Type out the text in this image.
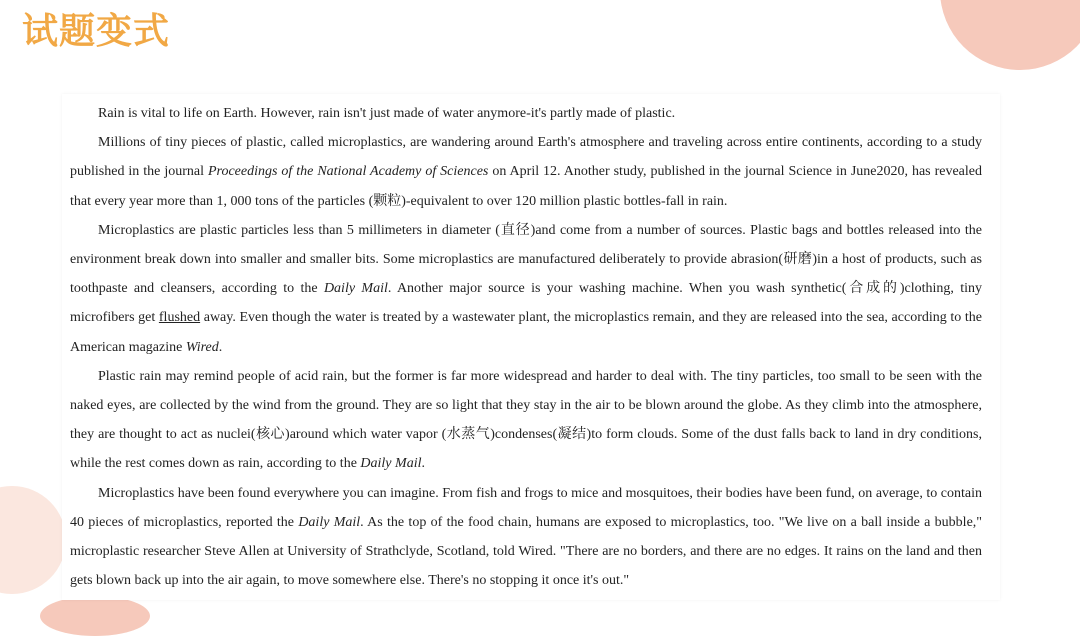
试题变式

Rain is vital to life on Earth. However, rain isn't just made of water anymore-it's partly made of plastic.

Millions of tiny pieces of plastic, called microplastics, are wandering around Earth's atmosphere and traveling across entire continents, according to a study published in the journal Proceedings of the National Academy of Sciences on April 12. Another study, published in the journal Science in June2020, has revealed that every year more than 1, 000 tons of the particles (颗粒)-equivalent to over 120 million plastic bottles-fall in rain.

Microplastics are plastic particles less than 5 millimeters in diameter (直径)and come from a number of sources. Plastic bags and bottles released into the environment break down into smaller and smaller bits. Some microplastics are manufactured deliberately to provide abrasion(研磨)in a host of products, such as toothpaste and cleansers, according to the Daily Mail. Another major source is your washing machine. When you wash synthetic(合成的)clothing, tiny microfibers get flushed away. Even though the water is treated by a wastewater plant, the microplastics remain, and they are released into the sea, according to the American magazine Wired.

Plastic rain may remind people of acid rain, but the former is far more widespread and harder to deal with. The tiny particles, too small to be seen with the naked eyes, are collected by the wind from the ground. They are so light that they stay in the air to be blown around the globe. As they climb into the atmosphere, they are thought to act as nuclei(核心)around which water vapor (水蒸气)condenses(凝结)to form clouds. Some of the dust falls back to land in dry conditions, while the rest comes down as rain, according to the Daily Mail.

Microplastics have been found everywhere you can imagine. From fish and frogs to mice and mosquitoes, their bodies have been fund, on average, to contain 40 pieces of microplastics, reported the Daily Mail. As the top of the food chain, humans are exposed to microplastics, too. "We live on a ball inside a bubble," microplastic researcher Steve Allen at University of Strathclyde, Scotland, told Wired. "There are no borders, and there are no edges. It rains on the land and then gets blown back up into the air again, to move somewhere else. There's no stopping it once it's out."
